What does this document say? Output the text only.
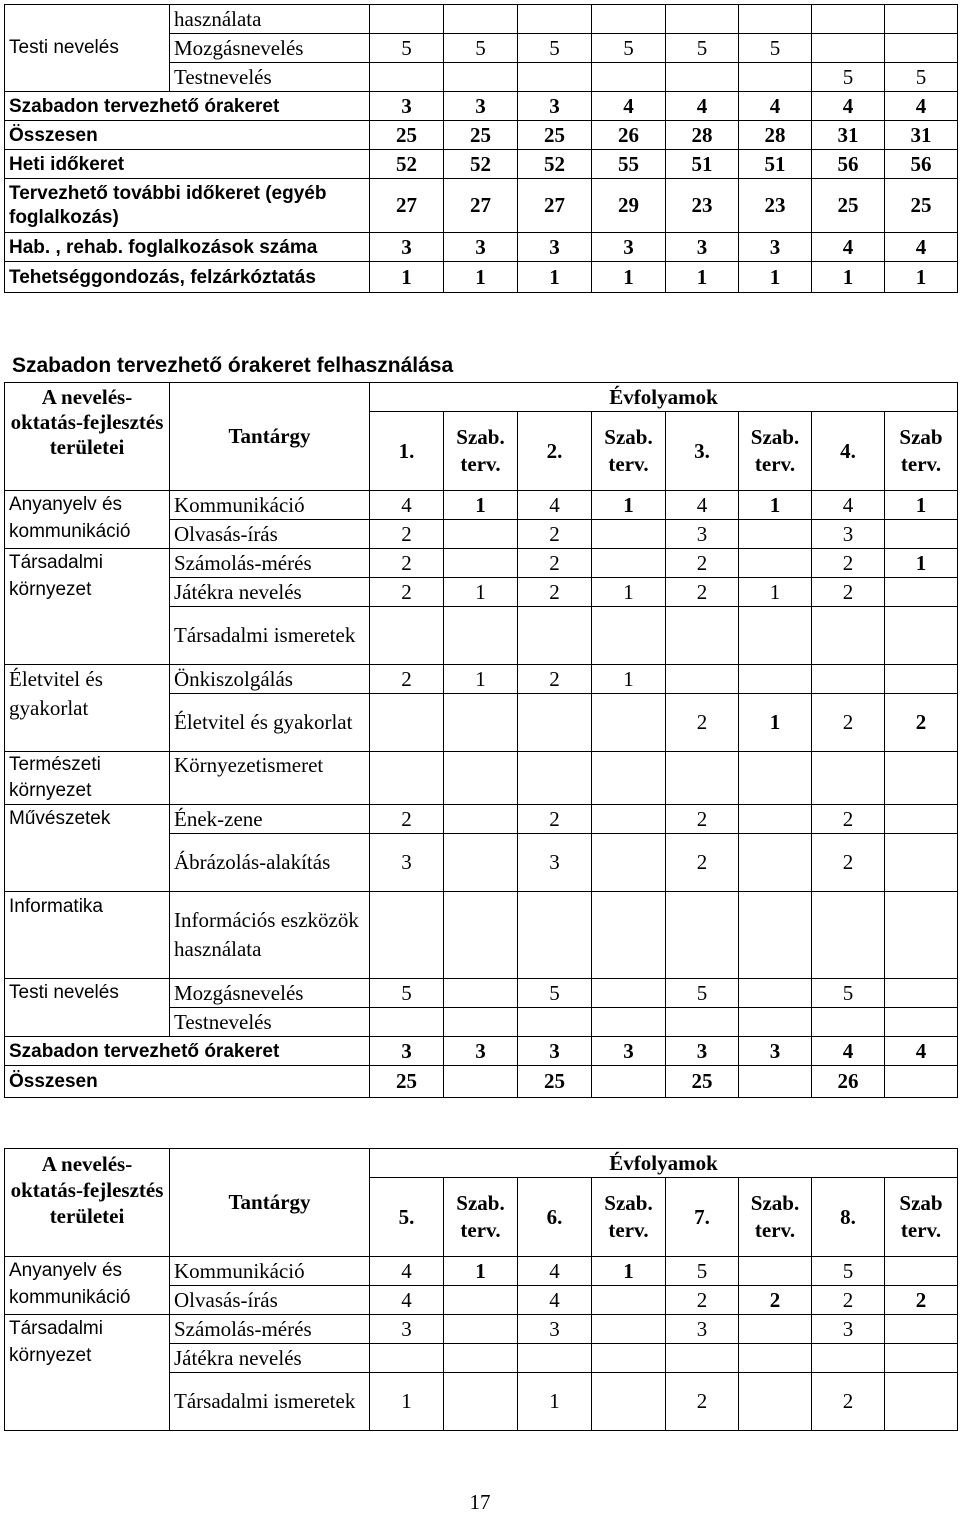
	használata								
Testi nevelés	Mozgásnevelés	5	5	5	5	5	5		
	Testnevelés							5	5
Szabadon tervezhető órakeret		3	3	3	4	4	4	4	4
Összesen		25	25	25	26	28	28	31	31
Heti időkeret		52	52	52	55	51	51	56	56
Tervezhető további időkeret (egyéb foglalkozás)		27	27	27	29	23	23	25	25
Hab. , rehab. foglalkozások száma		3	3	3	3	3	3	4	4
Tehetséggondozás, felzárkóztatás		1	1	1	1	1	1	1	1
Szabadon tervezhető órakeret felhasználása
A nevelés-oktatás-fejlesztés területei	Tantárgy	Évfolyamok							
		1.	Szab. terv.	2.	Szab. terv.	3.	Szab. terv.	4.	Szab terv.
Anyanyelv és kommunikáció	Kommunikáció	4	1	4	1	4	1	4	1
	Olvasás-írás	2		2		3		3	
Társadalmi környezet	Számolás-mérés	2		2		2		2	1
	Játékra nevelés	2	1	2	1	2	1	2	
	Társadalmi ismeretek								
Életvitel és gyakorlat	Önkiszolgálás	2	1	2	1				
	Életvitel és gyakorlat					2	1	2	2
Természeti környezet	Környezetismeret								
Művészetek	Ének-zene	2		2		2		2	
	Ábrázolás-alakítás	3		3		2		2	
Informatika	Információs eszközök használata								
Testi nevelés	Mozgásnevelés	5		5		5		5	
	Testnevelés								
Szabadon tervezhető órakeret		3	3	3	3	3	3	4	4
Összesen		25		25		25		26	
A nevelés-oktatás-fejlesztés területei	Tantárgy	Évfolyamok							
		5.	Szab. terv.	6.	Szab. terv.	7.	Szab. terv.	8.	Szab terv.
Anyanyelv és kommunikáció	Kommunikáció	4	1	4	1	5		5	
	Olvasás-írás	4		4		2	2	2	2
Társadalmi környezet	Számolás-mérés	3		3		3		3	
	Játékra nevelés								
	Társadalmi ismeretek	1		1		2		2	
17
